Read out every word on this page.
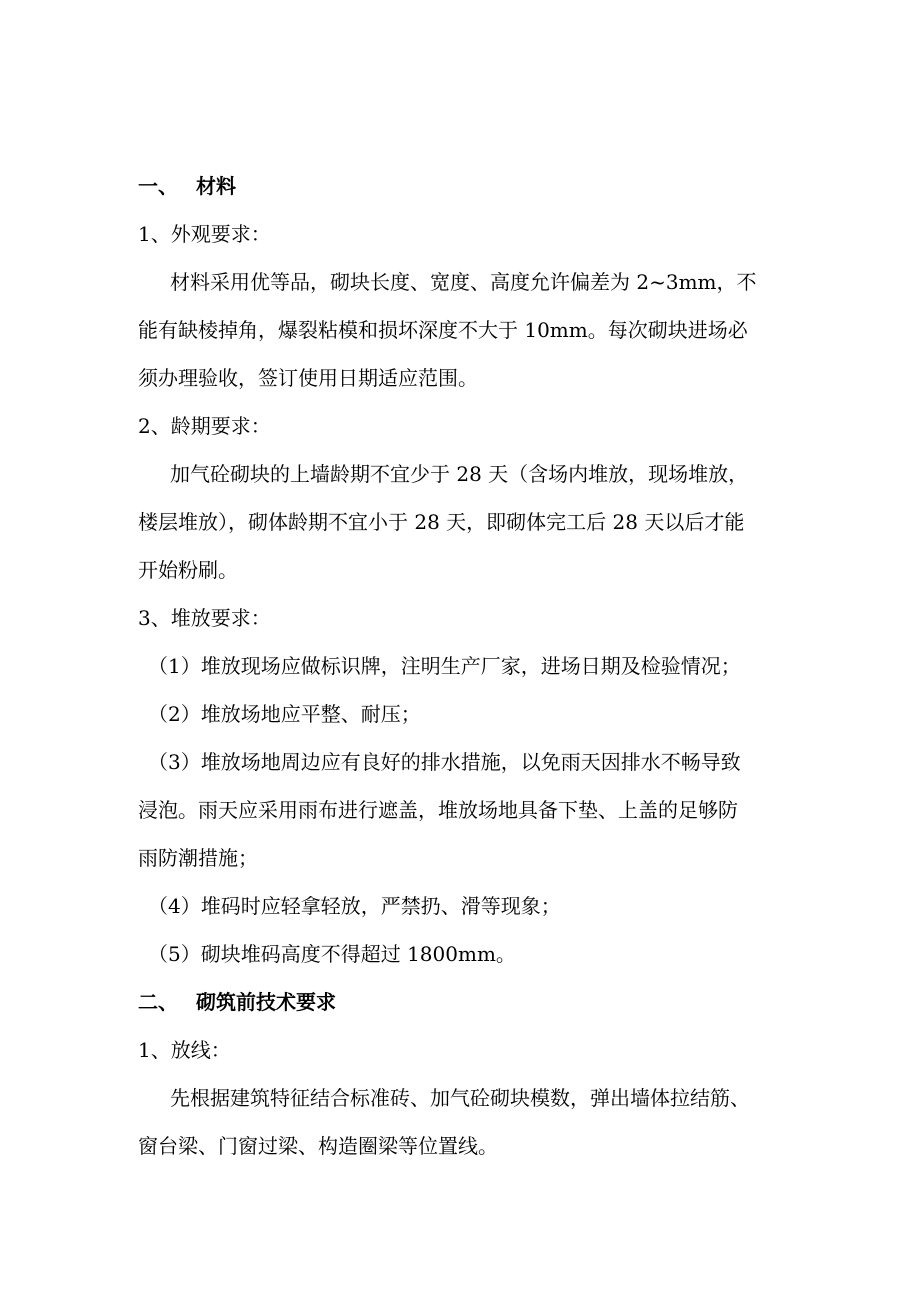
一、 材料
1、外观要求：
材料采用优等品，砌块长度、宽度、高度允许偏差为 2~3mm，不
能有缺棱掉角，爆裂粘模和损坏深度不大于 10mm。每次砌块进场必
须办理验收，签订使用日期适应范围。
2、龄期要求：
加气砼砌块的上墙龄期不宜少于 28 天（含场内堆放，现场堆放，
楼层堆放），砌体龄期不宜小于 28 天，即砌体完工后 28 天以后才能
开始粉刷。
3、堆放要求：
（1）堆放现场应做标识牌，注明生产厂家，进场日期及检验情况；
（2）堆放场地应平整、耐压；
（3）堆放场地周边应有良好的排水措施，以免雨天因排水不畅导致
浸泡。雨天应采用雨布进行遮盖，堆放场地具备下垫、上盖的足够防
雨防潮措施；
（4）堆码时应轻拿轻放，严禁扔、滑等现象；
（5）砌块堆码高度不得超过 1800mm。
二、 砌筑前技术要求
1、放线：
先根据建筑特征结合标准砖、加气砼砌块模数，弹出墙体拉结筋、
窗台梁、门窗过梁、构造圈梁等位置线。
